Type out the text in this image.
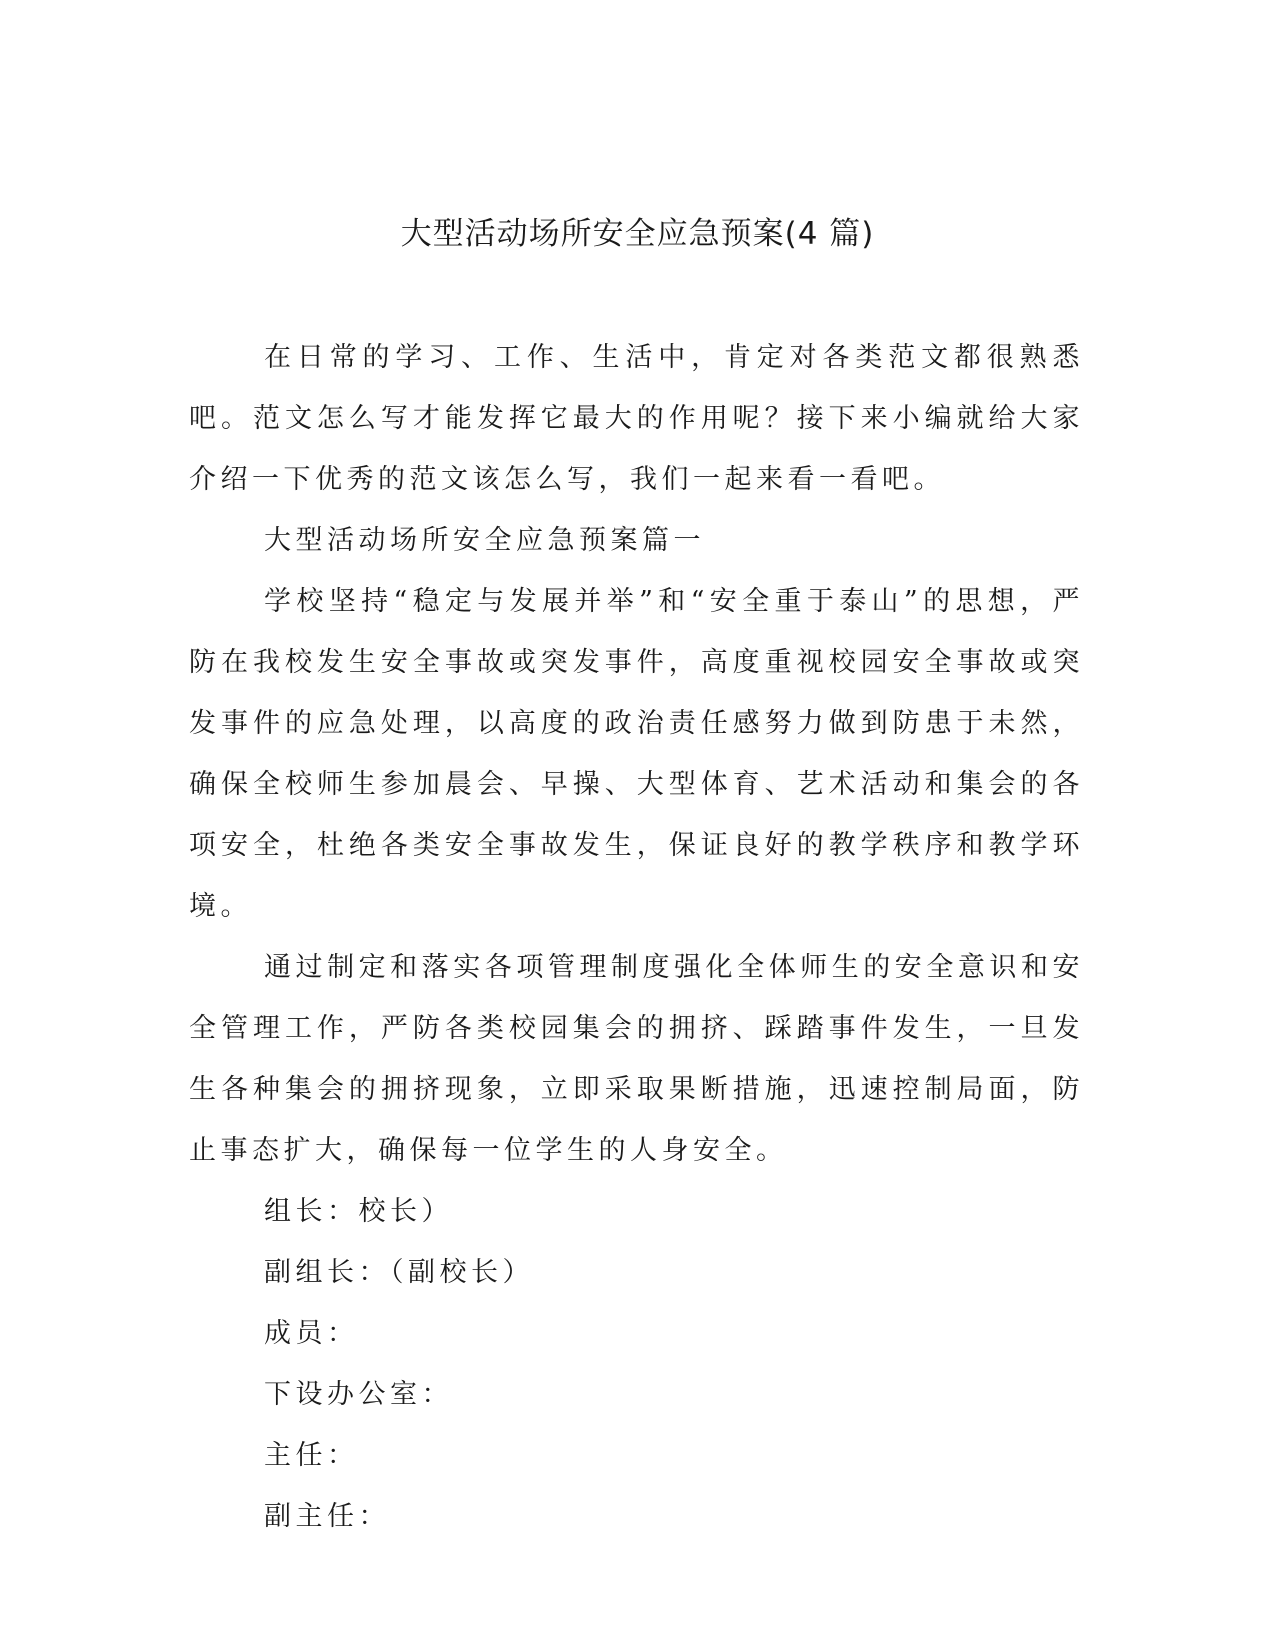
大型活动场所安全应急预案(4 篇)

在日常的学习、工作、生活中，肯定对各类范文都很熟悉吧。范文怎么写才能发挥它最大的作用呢？接下来小编就给大家介绍一下优秀的范文该怎么写，我们一起来看一看吧。

大型活动场所安全应急预案篇一

学校坚持“稳定与发展并举”和“安全重于泰山”的思想，严防在我校发生安全事故或突发事件，高度重视校园安全事故或突发事件的应急处理，以高度的政治责任感努力做到防患于未然，确保全校师生参加晨会、早操、大型体育、艺术活动和集会的各项安全，杜绝各类安全事故发生，保证良好的教学秩序和教学环境。

通过制定和落实各项管理制度强化全体师生的安全意识和安全管理工作，严防各类校园集会的拥挤、踩踏事件发生，一旦发生各种集会的拥挤现象，立即采取果断措施，迅速控制局面，防止事态扩大，确保每一位学生的人身安全。

组长：校长）

副组长：（副校长）

成员：

下设办公室：

主任：

副主任：
